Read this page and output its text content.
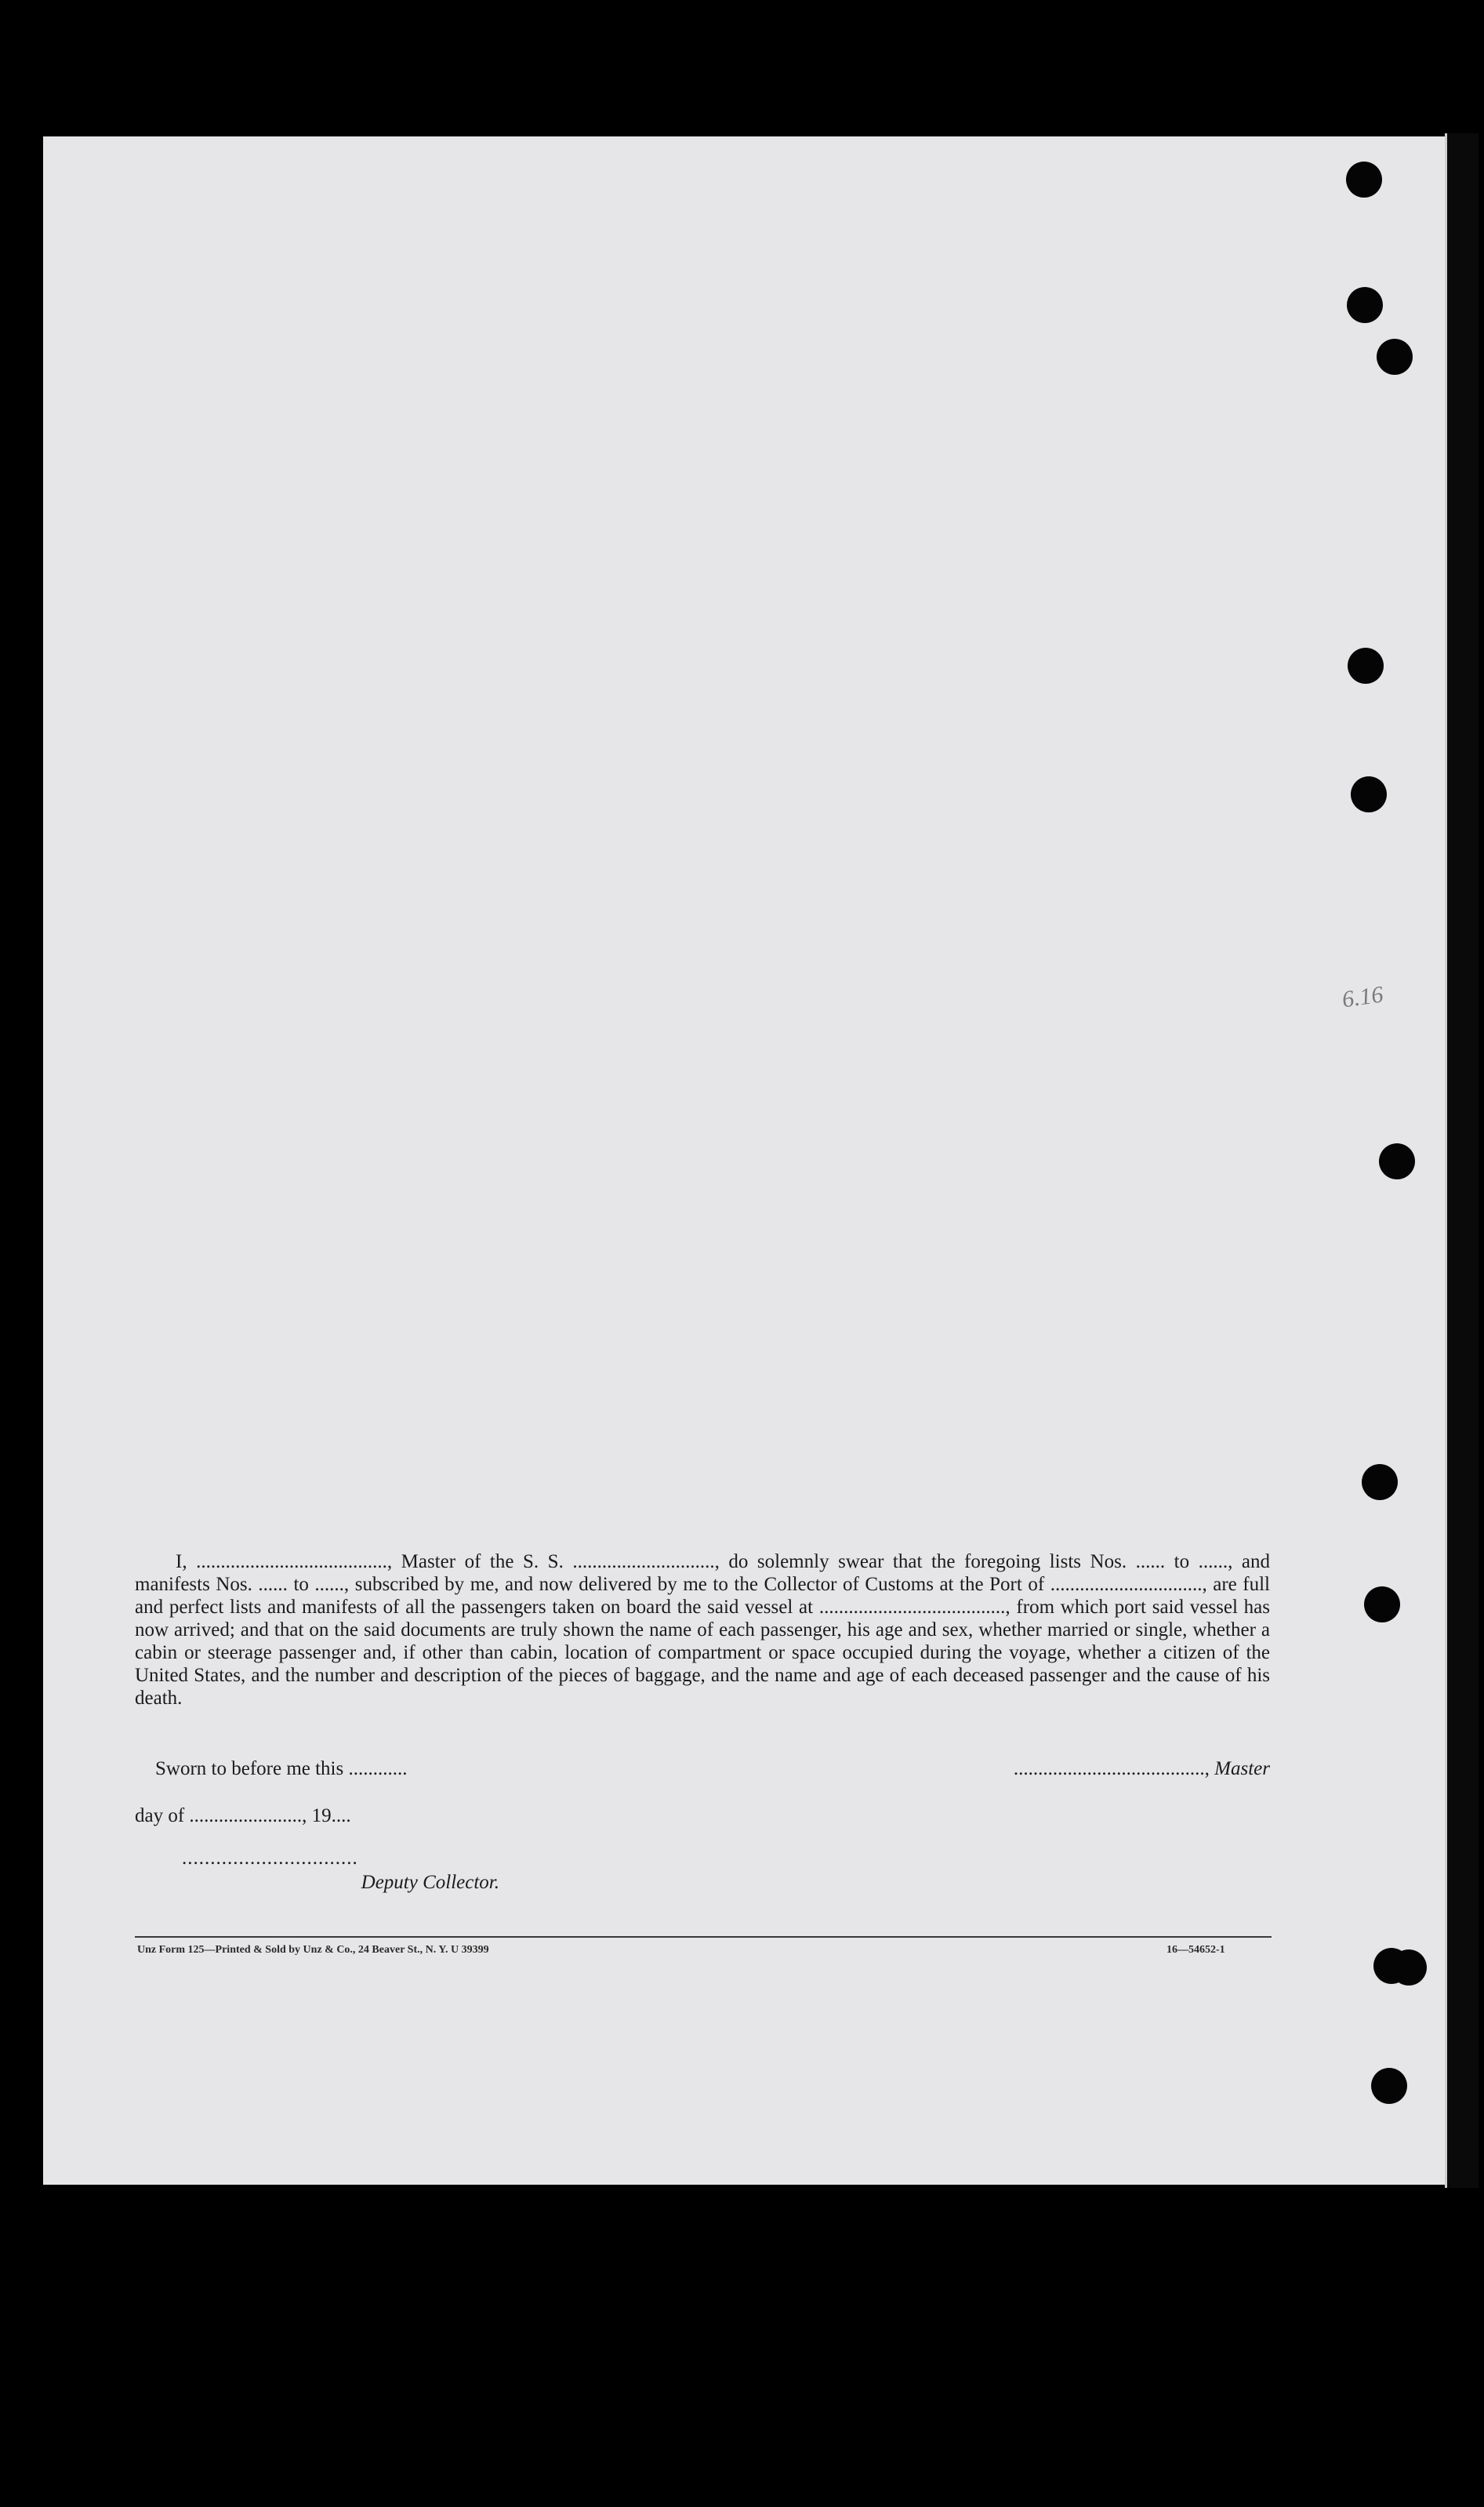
6.16

I, ......................................., Master of the S. S. ............................., do solemnly swear that the foregoing lists Nos. ...... to ......, and manifests Nos. ...... to ......, subscribed by me, and now delivered by me to the Collector of Customs at the Port of ..............................., are full and perfect lists and manifests of all the passengers taken on board the said vessel at ......................................, from which port said vessel has now arrived; and that on the said documents are truly shown the name of each passenger, his age and sex, whether married or single, whether a cabin or steerage passenger and, if other than cabin, location of compartment or space occupied during the voyage, whether a citizen of the United States, and the number and description of the pieces of baggage, and the name and age of each deceased passenger and the cause of his death.

Sworn to before me this ............	......................................., Master
day of ......................., 19....
...............................
Deputy Collector.
Unz Form 125—Printed & Sold by Unz & Co., 24 Beaver St., N. Y. U 39399	16—54652-1
